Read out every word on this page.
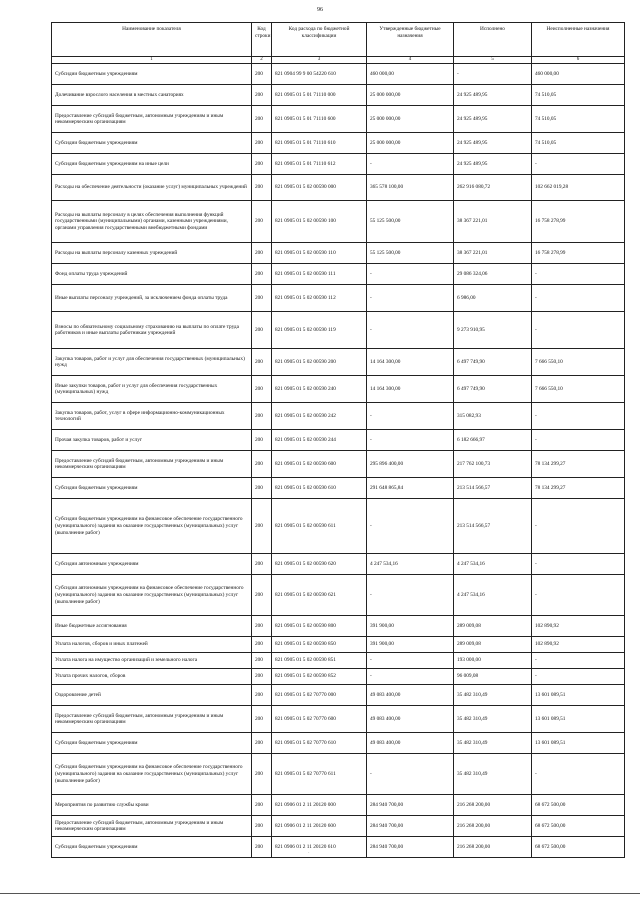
96
Наименование показателя	Код строки	Код расхода по бюджетной классификации	Утвержденные бюджетные назначения	Исполнено	Неисполненные назначения
1	2	3	4	5	6
Субсидии бюджетным учреждениям	200	821 0904 99 9 00 54220 610	460 000,00	-	460 000,00
Долечивание взрослого населения в местных санаториях	200	821 0905 01 5 01 71110 000	25 000 000,00	24 925 489,95	74 510,05
Предоставление субсидий бюджетным, автономным учреждениям и иным некоммерческим организациям	200	821 0905 01 5 01 71110 600	25 000 000,00	24 925 489,95	74 510,05
Субсидии бюджетным учреждениям	200	821 0905 01 5 01 71110 610	25 000 000,00	24 925 489,95	74 510,05
Субсидии бюджетным учреждениям на иные цели	200	821 0905 01 5 01 71110 612	-	24 925 489,95	-
Расходы на обеспечение деятельности (оказание услуг) муниципальных учреждений	200	821 0905 01 5 02 00590 000	365 578 100,00	262 916 080,72	102 662 019,28
Расходы на выплаты персоналу в целях обеспечения выполнения функций государственными (муниципальными) органами, казенными учреждениями, органами управления государственными внебюджетными фондами	200	821 0905 01 5 02 00590 100	55 125 500,00	38 367 221,01	16 758 278,99
Расходы на выплаты персоналу казенных учреждений	200	821 0905 01 5 02 00590 110	55 125 500,00	38 367 221,01	16 758 278,99
Фонд оплаты труда учреждений	200	821 0905 01 5 02 00590 111	-	29 086 324,06	-
Иные выплаты персоналу учреждений, за исключением фонда оплаты труда	200	821 0905 01 5 02 00590 112	-	6 986,00	-
Взносы по обязательному социальному страхованию на выплаты по оплате труда работников и иные выплаты работникам учреждений	200	821 0905 01 5 02 00590 119	-	9 273 910,95	-
Закупка товаров, работ и услуг для обеспечения государственных (муниципальных) нужд	200	821 0905 01 5 02 00590 200	14 164 300,00	6 497 749,90	7 666 550,10
Иные закупки товаров, работ и услуг для обеспечения государственных (муниципальных) нужд	200	821 0905 01 5 02 00590 240	14 164 300,00	6 497 749,90	7 666 550,10
Закупка товаров, работ, услуг в сфере информационно-коммуникационных технологий	200	821 0905 01 5 02 00590 242	-	315 082,93	-
Прочая закупка товаров, работ и услуг	200	821 0905 01 5 02 00590 244	-	6 182 666,97	-
Предоставление субсидий бюджетным, автономным учреждениям и иным некоммерческим организациям	200	821 0905 01 5 02 00590 600	295 896 400,00	217 762 100,73	78 134 299,27
Субсидии бюджетным учреждениям	200	821 0905 01 5 02 00590 610	291 648 865,84	213 514 566,57	78 134 299,27
Субсидии бюджетным учреждениям на финансовое обеспечение государственного (муниципального) задания на оказание государственных (муниципальных) услуг (выполнение работ)	200	821 0905 01 5 02 00590 611	-	213 514 566,57	-
Субсидии автономным учреждениям	200	821 0905 01 5 02 00590 620	4 247 534,16	4 247 534,16	-
Субсидии автономным учреждениям на финансовое обеспечение государственного (муниципального) задания на оказание государственных (муниципальных) услуг (выполнение работ)	200	821 0905 01 5 02 00590 621	-	4 247 534,16	-
Иные бюджетные ассигнования	200	821 0905 01 5 02 00590 800	391 900,00	289 009,08	102 890,92
Уплата налогов, сборов и иных платежей	200	821 0905 01 5 02 00590 850	391 900,00	289 009,08	102 890,92
Уплата налога на имущество организаций и земельного налога	200	821 0905 01 5 02 00590 851	-	193 000,00	-
Уплата прочих налогов, сборов	200	821 0905 01 5 02 00590 852	-	96 009,08	-
Оздоровление детей	200	821 0905 01 5 02 70770 000	49 083 400,00	35 482 310,49	13 601 089,51
Предоставление субсидий бюджетным, автономным учреждениям и иным некоммерческим организациям	200	821 0905 01 5 02 70770 600	49 083 400,00	35 482 310,49	13 601 089,51
Субсидии бюджетным учреждениям	200	821 0905 01 5 02 70770 610	49 083 400,00	35 482 310,49	13 601 089,51
Субсидии бюджетным учреждениям на финансовое обеспечение государственного (муниципального) задания на оказание государственных (муниципальных) услуг (выполнение работ)	200	821 0905 01 5 02 70770 611	-	35 482 310,49	-
Мероприятия по развитию службы крови	200	821 0906 01 2 11 20120 000	284 940 700,00	216 268 200,00	68 672 500,00
Предоставление субсидий бюджетным, автономным учреждениям и иным некоммерческим организациям	200	821 0906 01 2 11 20120 600	284 940 700,00	216 268 200,00	68 672 500,00
Субсидии бюджетным учреждениям	200	821 0906 01 2 11 20120 610	284 940 700,00	216 268 200,00	68 672 500,00
·
